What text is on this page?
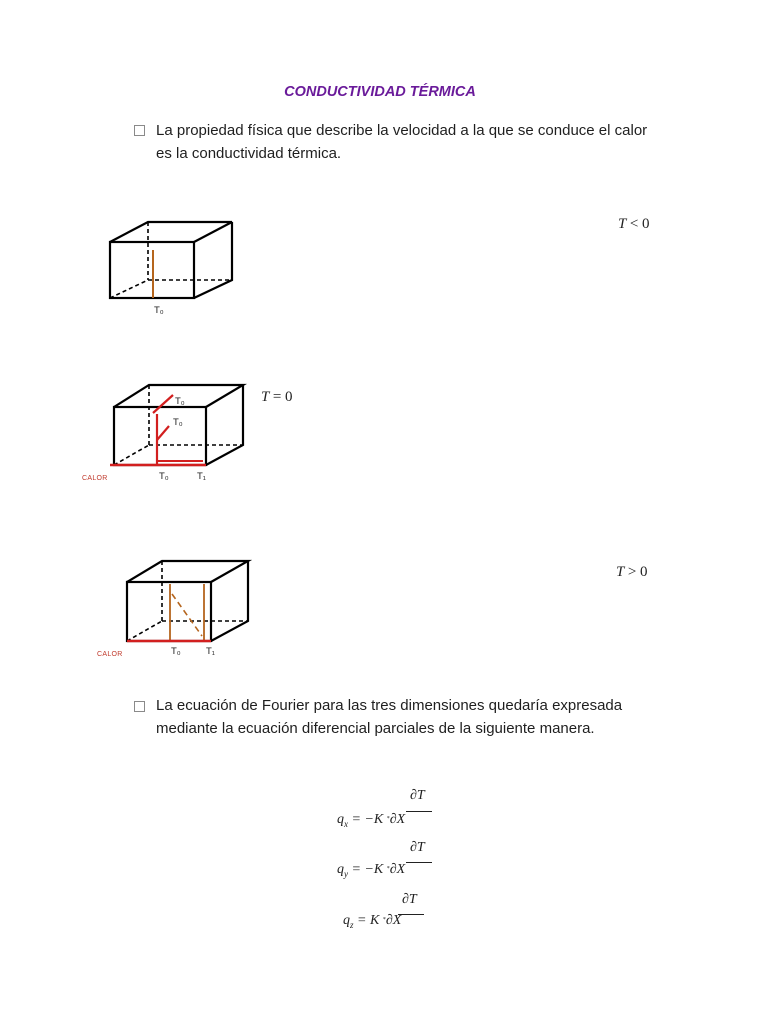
CONDUCTIVIDAD TÉRMICA
La propiedad física que describe la velocidad a la que se conduce el calor
es la conductividad térmica.
T₀
T < 0
T₀
T₀
T₀	T₁
CALOR
T = 0
T₀	T₁
CALOR
T > 0
La ecuación de Fourier para las tres dimensiones quedaría expresada
mediante la ecuación diferencial parciales de la siguiente manera.
∂T
$q_x = -K$ *∂X
∂T
$q_y = -K$ *∂X
∂T
$q_z = K$ *∂X
